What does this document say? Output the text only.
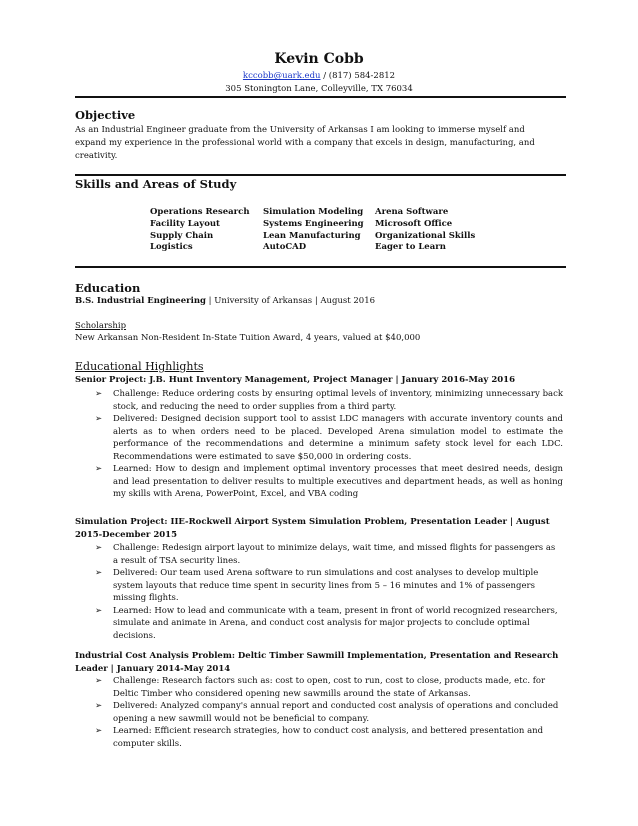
Kevin Cobb
kccobb@uark.edu / (817) 584-2812
305 Stonington Lane, Colleyville, TX 76034
Objective
As an Industrial Engineer graduate from the University of Arkansas I am looking to immerse myself and expand my experience in the professional world with a company that excels in design, manufacturing, and creativity.
Skills and Areas of Study
Operations Research
Facility Layout
Supply Chain
Logistics
Simulation Modeling
Systems Engineering
Lean Manufacturing
AutoCAD
Arena Software
Microsoft Office
Organizational Skills
Eager to Learn
Education
B.S. Industrial Engineering | University of Arkansas | August 2016
Scholarship
New Arkansan Non-Resident In-State Tuition Award, 4 years, valued at $40,000
Educational Highlights
Senior Project: J.B. Hunt Inventory Management, Project Manager | January 2016-May 2016
➢ Challenge: Reduce ordering costs by ensuring optimal levels of inventory, minimizing unnecessary back stock, and reducing the need to order supplies from a third party.
➢ Delivered: Designed decision support tool to assist LDC managers with accurate inventory counts and alerts as to when orders need to be placed. Developed Arena simulation model to estimate the performance of the recommendations and determine a minimum safety stock level for each LDC. Recommendations were estimated to save $50,000 in ordering costs.
➢ Learned: How to design and implement optimal inventory processes that meet desired needs, design and lead presentation to deliver results to multiple executives and department heads, as well as honing my skills with Arena, PowerPoint, Excel, and VBA coding
Simulation Project: IIE-Rockwell Airport System Simulation Problem, Presentation Leader | August 2015-December 2015
➢ Challenge: Redesign airport layout to minimize delays, wait time, and missed flights for passengers as a result of TSA security lines.
➢ Delivered: Our team used Arena software to run simulations and cost analyses to develop multiple system layouts that reduce time spent in security lines from 5 – 16 minutes and 1% of passengers missing flights.
➢ Learned: How to lead and communicate with a team, present in front of world recognized researchers, simulate and animate in Arena, and conduct cost analysis for major projects to conclude optimal decisions.
Industrial Cost Analysis Problem: Deltic Timber Sawmill Implementation, Presentation and Research Leader | January 2014-May 2014
➢ Challenge: Research factors such as: cost to open, cost to run, cost to close, products made, etc. for Deltic Timber who considered opening new sawmills around the state of Arkansas.
➢ Delivered: Analyzed company's annual report and conducted cost analysis of operations and concluded opening a new sawmill would not be beneficial to company.
➢ Learned: Efficient research strategies, how to conduct cost analysis, and bettered presentation and computer skills.
